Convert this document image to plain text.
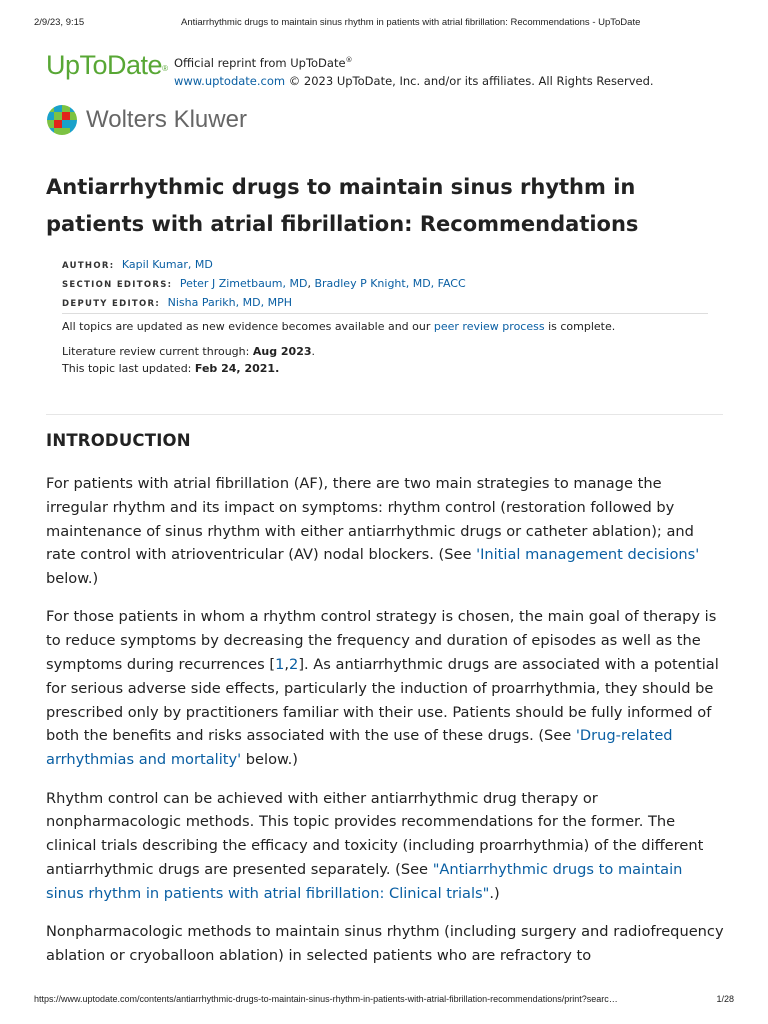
2/9/23, 9:15	Antiarrhythmic drugs to maintain sinus rhythm in patients with atrial fibrillation: Recommendations - UpToDate
UpToDate® Official reprint from UpToDate®
www.uptodate.com © 2023 UpToDate, Inc. and/or its affiliates. All Rights Reserved.
Wolters Kluwer
Antiarrhythmic drugs to maintain sinus rhythm in patients with atrial fibrillation: Recommendations
AUTHOR: Kapil Kumar, MD
SECTION EDITORS: Peter J Zimetbaum, MD, Bradley P Knight, MD, FACC
DEPUTY EDITOR: Nisha Parikh, MD, MPH
All topics are updated as new evidence becomes available and our peer review process is complete.
Literature review current through: Aug 2023.
This topic last updated: Feb 24, 2021.
INTRODUCTION

For patients with atrial fibrillation (AF), there are two main strategies to manage the irregular rhythm and its impact on symptoms: rhythm control (restoration followed by maintenance of sinus rhythm with either antiarrhythmic drugs or catheter ablation); and rate control with atrioventricular (AV) nodal blockers. (See 'Initial management decisions' below.)

For those patients in whom a rhythm control strategy is chosen, the main goal of therapy is to reduce symptoms by decreasing the frequency and duration of episodes as well as the symptoms during recurrences [1,2]. As antiarrhythmic drugs are associated with a potential for serious adverse side effects, particularly the induction of proarrhythmia, they should be prescribed only by practitioners familiar with their use. Patients should be fully informed of both the benefits and risks associated with the use of these drugs. (See 'Drug-related arrhythmias and mortality' below.)

Rhythm control can be achieved with either antiarrhythmic drug therapy or nonpharmacologic methods. This topic provides recommendations for the former. The clinical trials describing the efficacy and toxicity (including proarrhythmia) of the different antiarrhythmic drugs are presented separately. (See "Antiarrhythmic drugs to maintain sinus rhythm in patients with atrial fibrillation: Clinical trials".)

Nonpharmacologic methods to maintain sinus rhythm (including surgery and radiofrequency ablation or cryoballoon ablation) in selected patients who are refractory to

https://www.uptodate.com/contents/antiarrhythmic-drugs-to-maintain-sinus-rhythm-in-patients-with-atrial-fibrillation-recommendations/print?searc…	1/28
